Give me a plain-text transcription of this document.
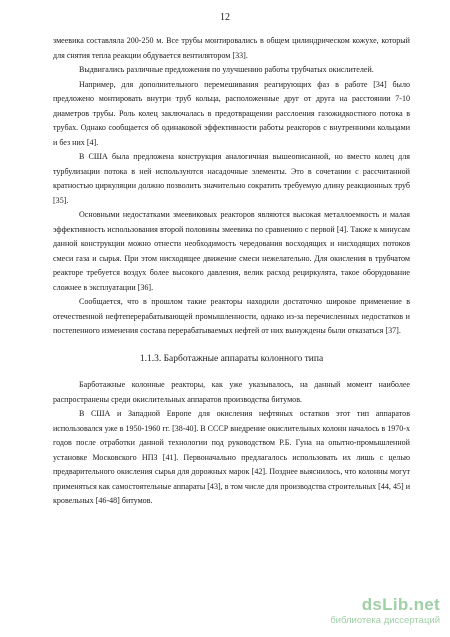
12

змеевика составляла 200-250 м. Все трубы монтировались в общем цилиндрическом кожухе, который для снятия тепла реакции обдувается вентилятором [33].

Выдвигались различные предложения по улучшению работы трубчатых окислителей.

Например, для дополнительного перемешивания реагирующих фаз в работе [34] было предложено монтировать внутри труб кольца, расположенные друг от друга на расстоянии 7-10 диаметров трубы. Роль колец заключалась в предотвращении расслоения газожидкостного потока в трубах. Однако сообщается об одинаковой эффективности работы реакторов с внутренними кольцами и без них [4].

В США была предложена конструкция аналогичная вышеописанной, но вместо колец для турбулизации потока в ней используются насадочные элементы. Это в сочетании с рассчитанной кратностью циркуляции должно позволить значительно сократить требуемую длину реакционных труб [35].

Основными недостатками змеевиковых реакторов являются высокая металлоемкость и малая эффективность использования второй половины змеевика по сравнению с первой [4]. Также к минусам данной конструкции можно отнести необходимость чередования восходящих и нисходящих потоков смеси газа и сырья. При этом нисходящее движение смеси нежелательно. Для окисления в трубчатом реакторе требуется воздух более высокого давления, велик расход рециркулята, такое оборудование сложнее в эксплуатации [36].

Сообщается, что в прошлом такие реакторы находили достаточно широкое применение в отечественной нефтеперерабатывающей промышленности, однако из-за перечисленных недостатков и постепенного изменения состава перерабатываемых нефтей от них вынуждены были отказаться [37].

1.1.3. Барботажные аппараты колонного типа

Барботажные колонные реакторы, как уже указывалось, на данный момент наиболее распространены среди окислительных аппаратов производства битумов.

В США и Западной Европе для окисления нефтяных остатков этот тип аппаратов использовался уже в 1950-1960 гг. [38-40]. В СССР внедрение окислительных колонн началось в 1970-х годов после отработки данной технологии под руководством Р.Б. Гуна на опытно-промышленной установке Московского НПЗ [41]. Первоначально предлагалось использовать их лишь с целью предварительного окисления сырья для дорожных марок [42]. Позднее выяснилось, что колонны могут применяться как самостоятельные аппараты [43], в том числе для производства строительных [44, 45] и кровельных [46-48] битумов.

dsLib.net
библиотека диссертаций
